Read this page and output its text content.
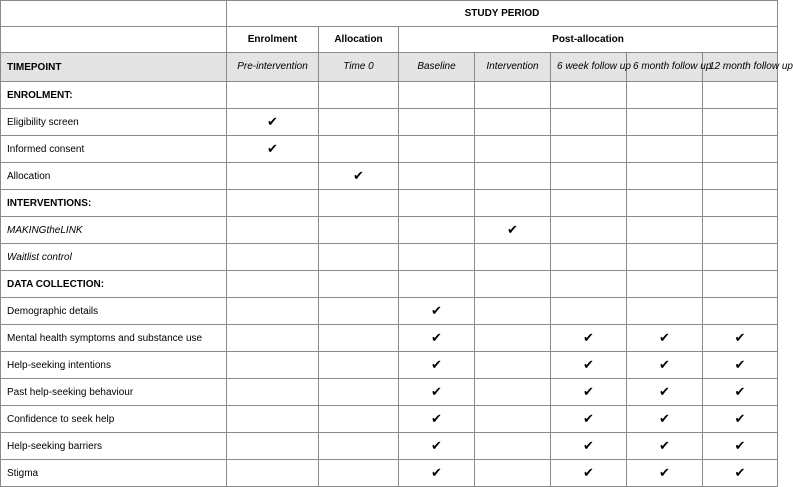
	STUDY PERIOD						
	Enrolment	Allocation	Post-allocation				
TIMEPOINT	Pre-intervention	Time 0	Baseline	Intervention	6 week follow up	6 month follow up	12 month follow up
ENROLMENT:							
Eligibility screen	✔						
Informed consent	✔						
Allocation		✔					
INTERVENTIONS:							
MAKINGtheLINK				✔			
Waitlist control							
DATA COLLECTION:							
Demographic details			✔				
Mental health symptoms and substance use			✔		✔	✔	✔
Help-seeking intentions			✔		✔	✔	✔
Past help-seeking behaviour			✔		✔	✔	✔
Confidence to seek help			✔		✔	✔	✔
Help-seeking barriers			✔		✔	✔	✔
Stigma			✔		✔	✔	✔
